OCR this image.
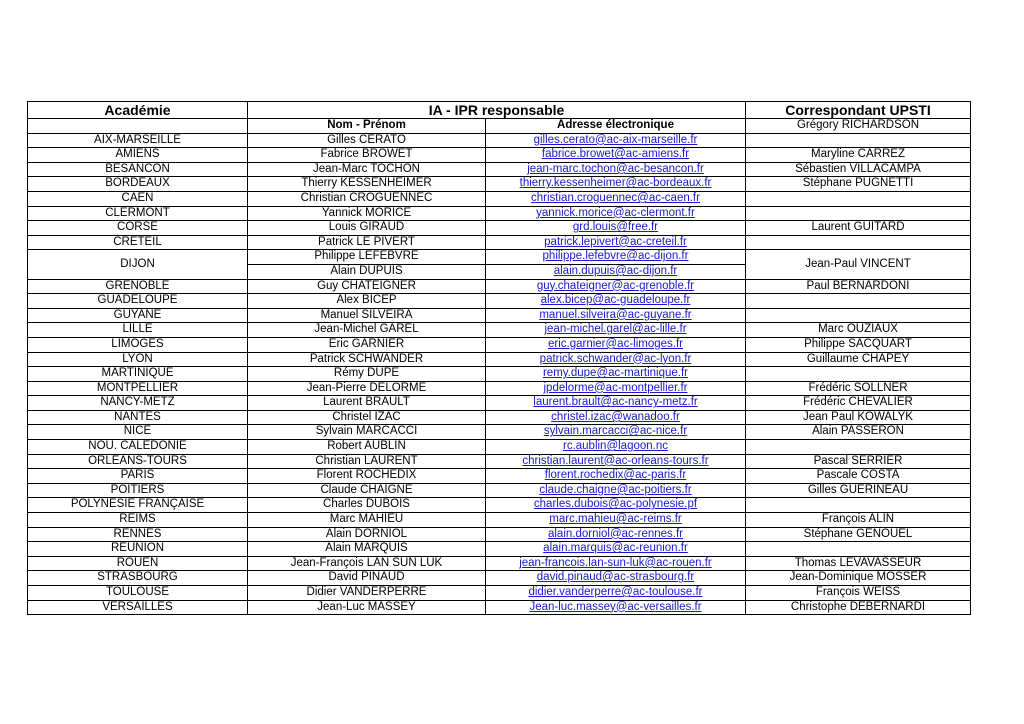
Académie	IA - IPR responsable		Correspondant UPSTI
	Nom - Prénom	Adresse électronique	Grégory RICHARDSON
AIX-MARSEILLE	Gilles CERATO	gilles.cerato@ac-aix-marseille.fr	
AMIENS	Fabrice BROWET	fabrice.browet@ac-amiens.fr	Maryline CARREZ
BESANCON	Jean-Marc TOCHON	jean-marc.tochon@ac-besancon.fr	Sébastien VILLACAMPA
BORDEAUX	Thierry KESSENHEIMER	thierry.kessenheimer@ac-bordeaux.fr	Stéphane PUGNETTI
CAEN	Christian CROGUENNEC	christian.croguennec@ac-caen.fr	
CLERMONT	Yannick MORICE	yannick.morice@ac-clermont.fr	
CORSE	Louis GIRAUD	grd.louis@free.fr	Laurent GUITARD
CRETEIL	Patrick LE PIVERT	patrick.lepivert@ac-creteil.fr	
DIJON	Philippe LEFEBVRE	philippe.lefebvre@ac-dijon.fr	Jean-Paul VINCENT
	Alain DUPUIS	alain.dupuis@ac-dijon.fr	
GRENOBLE	Guy CHATEIGNER	guy.chateigner@ac-grenoble.fr	Paul BERNARDONI
GUADELOUPE	Alex BICEP	alex.bicep@ac-guadeloupe.fr	
GUYANE	Manuel SILVEIRA	manuel.silveira@ac-guyane.fr	
LILLE	Jean-Michel GAREL	jean-michel.garel@ac-lille.fr	Marc OUZIAUX
LIMOGES	Eric GARNIER	eric.garnier@ac-limoges.fr	Philippe SACQUART
LYON	Patrick SCHWANDER	patrick.schwander@ac-lyon.fr	Guillaume CHAPEY
MARTINIQUE	Rémy DUPÉ	remy.dupe@ac-martinique.fr	
MONTPELLIER	Jean-Pierre DELORME	jpdelorme@ac-montpellier.fr	Frédéric SOLLNER
NANCY-METZ	Laurent BRAULT	laurent.brault@ac-nancy-metz.fr	Frédéric CHEVALIER
NANTES	Christel IZAC	christel.izac@wanadoo.fr	Jean Paul KOWALYK
NICE	Sylvain MARCACCI	sylvain.marcacci@ac-nice.fr	Alain PASSERON
NOU. CALEDONIE	Robert AUBLIN	rc.aublin@lagoon.nc	
ORLEANS-TOURS	Christian LAURENT	christian.laurent@ac-orleans-tours.fr	Pascal SERRIER
PARIS	Florent ROCHEDIX	florent.rochedix@ac-paris.fr	Pascale COSTA
POITIERS	Claude CHAIGNE	claude.chaigne@ac-poitiers.fr	Gilles GUERINEAU
POLYNÉSIE FRANÇAISE	Charles DUBOIS	charles.dubois@ac-polynesie.pf	
REIMS	Marc MAHIEU	marc.mahieu@ac-reims.fr	François ALIN
RENNES	Alain DORNIOL	alain.dorniol@ac-rennes.fr	Stéphane GENOUEL
REUNION	Alain MARQUIS	alain.marquis@ac-reunion.fr	
ROUEN	Jean-François LAN SUN LUK	jean-francois.lan-sun-luk@ac-rouen.fr	Thomas LEVAVASSEUR
STRASBOURG	David PINAUD	david.pinaud@ac-strasbourg.fr	Jean-Dominique MOSSER
TOULOUSE	Didier VANDERPERRE	didier.vanderperre@ac-toulouse.fr	François WEISS
VERSAILLES	Jean-Luc MASSEY	Jean-luc.massey@ac-versailles.fr	Christophe DEBERNARDI
